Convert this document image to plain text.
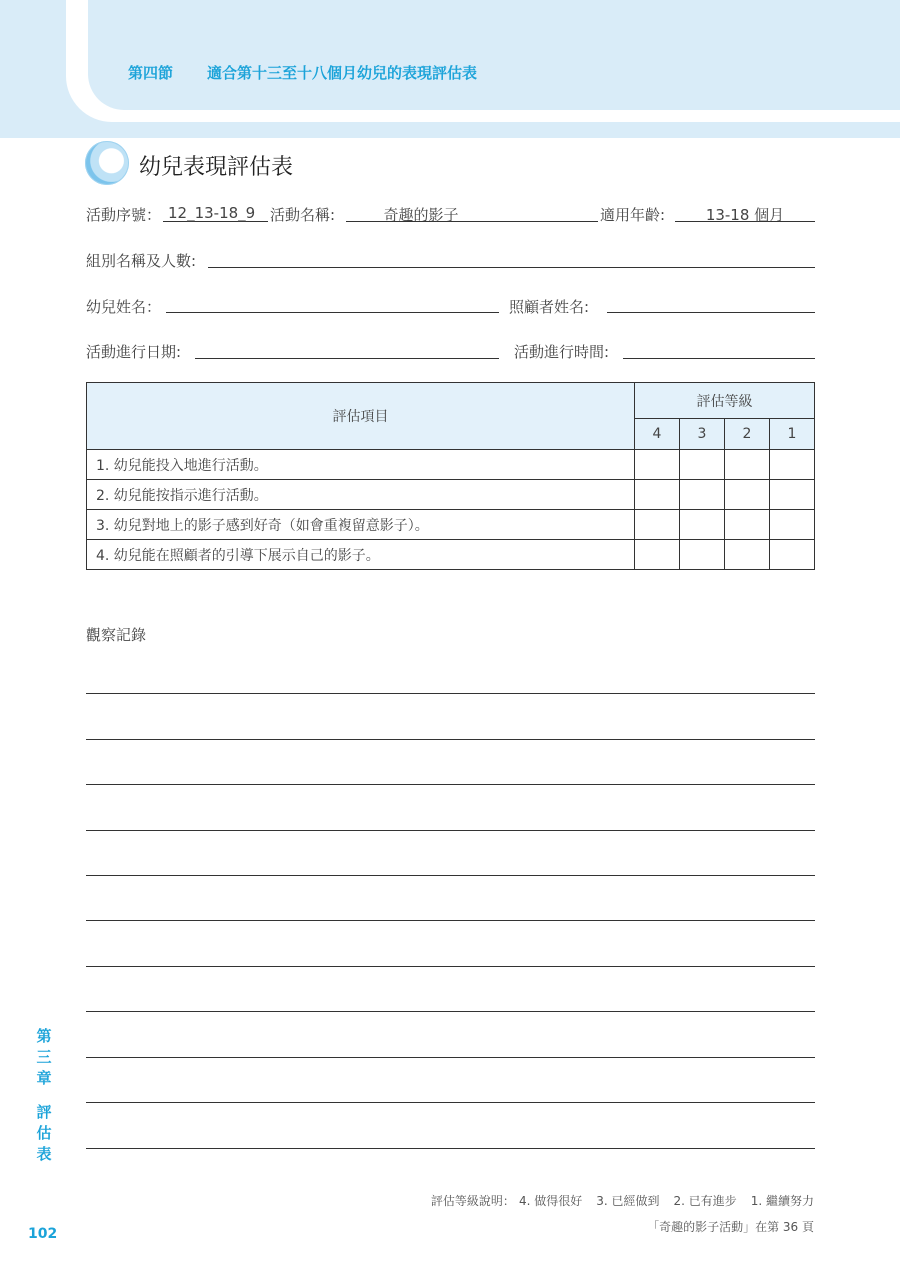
第四節 適合第十三至十八個月幼兒的表現評估表
幼兒表現評估表
活動序號： 12_13-18_9 活動名稱:	奇趣的影子	適用年齡:	13-18 個月
組別名稱及人數:
幼兒姓名：	照顧者姓名:
活動進行日期:	活動進行時間:
評估項目	評估等級			
	4	3	2	1
1. 幼兒能投入地進行活動。				
2. 幼兒能按指示進行活動。				
3. 幼兒對地上的影子感到好奇（如會重複留意影子）。				
4. 幼兒能在照顧者的引導下展示自己的影子。				
觀察記錄
第三章
評估表
102
評估等級說明： 4. 做得很好 3. 已經做到 2. 已有進步 1. 繼續努力
「奇趣的影子活動」在第 36 頁
